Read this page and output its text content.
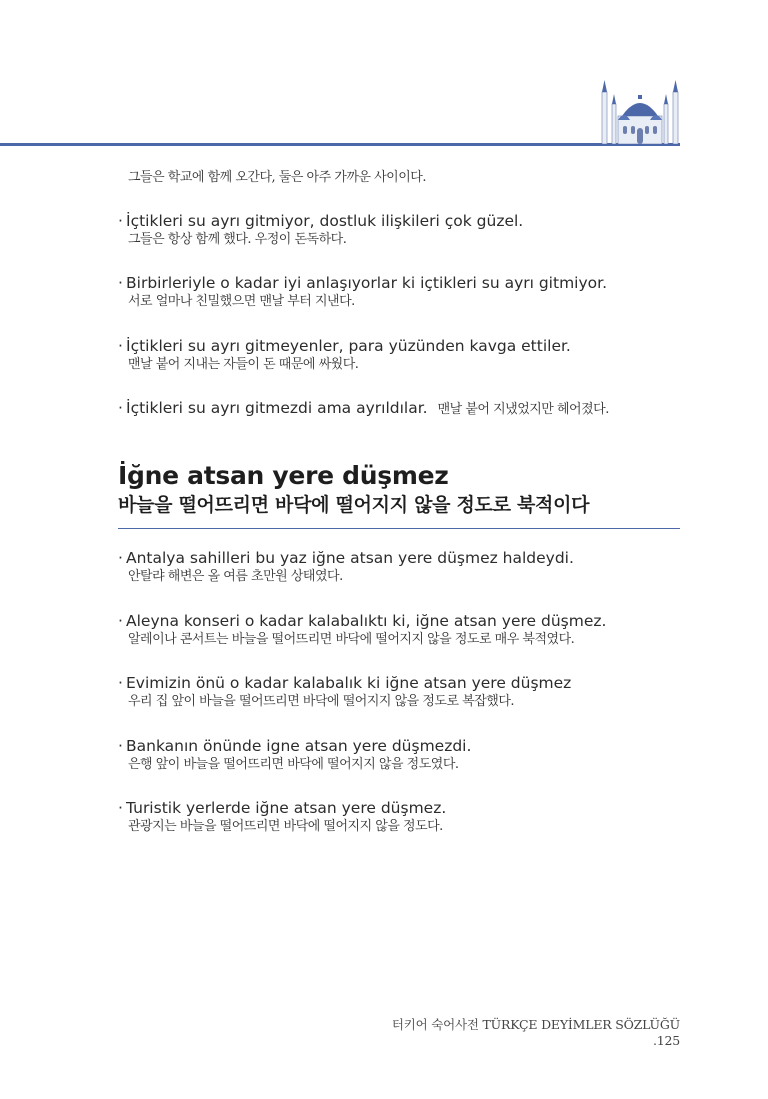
그들은 학교에 함께 오간다, 둘은 아주 가까운 사이이다.
· İçtikleri su ayrı gitmiyor, dostluk ilişkileri çok güzel.
그들은 항상 함께 했다. 우정이 돈독하다.
· Birbirleriyle o kadar iyi anlaşıyorlar ki içtikleri su ayrı gitmiyor.
서로 얼마나 친밀했으면 맨날 부터 지낸다.
· İçtikleri su ayrı gitmeyenler, para yüzünden kavga ettiler.
맨날 붙어 지내는 자들이 돈 때문에 싸웠다.
· İçtikleri su ayrı gitmezdi ama ayrıldılar. 맨날 붙어 지냈었지만 헤어졌다.
İğne atsan yere düşmez
바늘을 떨어뜨리면 바닥에 떨어지지 않을 정도로 북적이다
· Antalya sahilleri bu yaz iğne atsan yere düşmez haldeydi.
안탈랴 해변은 올 여름 초만원 상태였다.
· Aleyna konseri o kadar kalabalıktı ki, iğne atsan yere düşmez.
알레이나 콘서트는 바늘을 떨어뜨리면 바닥에 떨어지지 않을 정도로 매우 북적였다.
· Evimizin önü o kadar kalabalık ki iğne atsan yere düşmez
우리 집 앞이 바늘을 떨어뜨리면 바닥에 떨어지지 않을 정도로 복잡했다.
· Bankanın önünde igne atsan yere düşmezdi.
은행 앞이 바늘을 떨어뜨리면 바닥에 떨어지지 않을 정도였다.
· Turistik yerlerde iğne atsan yere düşmez.
관광지는 바늘을 떨어뜨리면 바닥에 떨어지지 않을 정도다.
터키어 숙어사전 TÜRKÇE DEYİMLER SÖZLÜĞÜ .125
